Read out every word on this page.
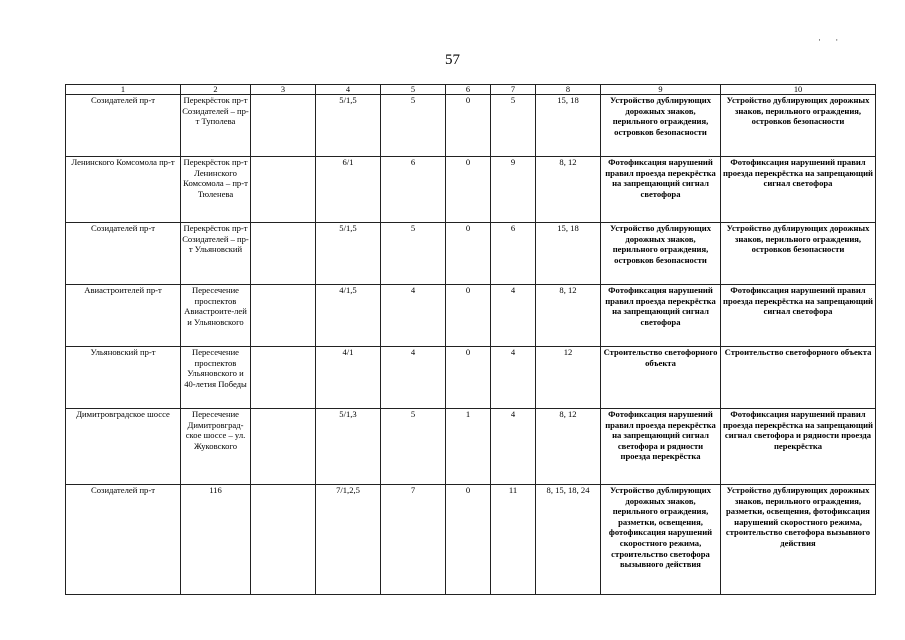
57
· ·
1	2	3	4	5	6	7	8	9	10
Созидателей пр-т	Перекрёсток пр-т Созидателей – пр-т Туполева		5/1,5	5	0	5	15, 18	Устройство дублирующих дорожных знаков, перильного ограждения, островков безопасности	Устройство дублирующих дорожных знаков, перильного ограждения, островков безопасности
Ленинского Комсомола пр-т	Перекрёсток пр-т Ленинского Комсомола – пр-т Тюленева		6/1	6	0	9	8, 12	Фотофиксация нарушений правил проезда перекрёстка на запрещающий сигнал светофора	Фотофиксация нарушений правил проезда перекрёстка на запрещающий сигнал светофора
Созидателей пр-т	Перекрёсток пр-т Созидателей – пр-т Ульяновский		5/1,5	5	0	6	15, 18	Устройство дублирующих дорожных знаков, перильного ограждения, островков безопасности	Устройство дублирующих дорожных знаков, перильного ограждения, островков безопасности
Авиастроителей пр-т	Пересечение проспектов Авиастроите-лей и Ульяновского		4/1,5	4	0	4	8, 12	Фотофиксация нарушений правил проезда перекрёстка на запрещающий сигнал светофора	Фотофиксация нарушений правил проезда перекрёстка на запрещающий сигнал светофора
Ульяновский пр-т	Пересечение проспектов Ульяновского и 40-летия Победы		4/1	4	0	4	12	Строительство светофорного объекта	Строительство светофорного объекта
Димитровградское шоссе	Пересечение Димитровград-ское шоссе – ул. Жуковского		5/1,3	5	1	4	8, 12	Фотофиксация нарушений правил проезда перекрёстка на запрещающий сигнал светофора и рядности проезда перекрёстка	Фотофиксация нарушений правил проезда перекрёстка на запрещающий сигнал светофора и рядности проезда перекрёстка
Созидателей пр-т	116		7/1,2,5	7	0	11	8, 15, 18, 24	Устройство дублирующих дорожных знаков, перильного ограждения, разметки, освещения, фотофиксация нарушений скоростного режима, строительство светофора вызывного действия	Устройство дублирующих дорожных знаков, перильного ограждения, разметки, освещения, фотофиксация нарушений скоростного режима, строительство светофора вызывного действия
